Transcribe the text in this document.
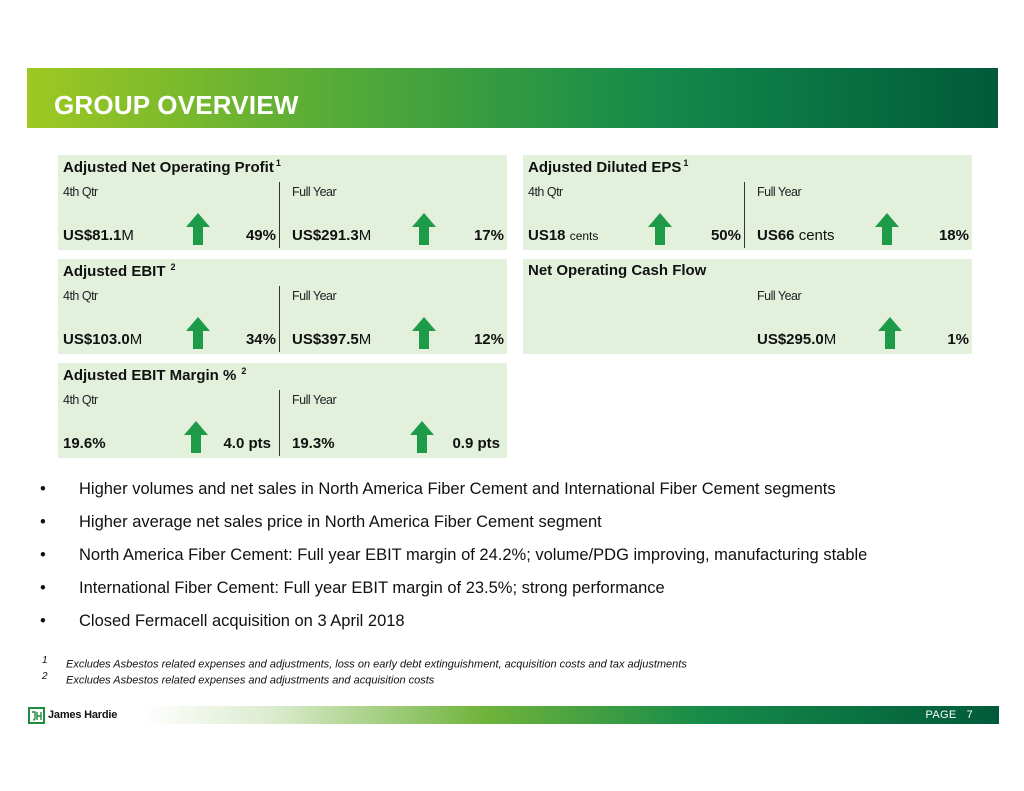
GROUP OVERVIEW
Adjusted Net Operating Profit $^1$
4th Qtr	Full Year
US$81.1M	49% US$291.3M	17%
Adjusted Diluted EPS $^1$
4th Qtr	Full Year
US18 cents	50% US66 cents	18%
Adjusted EBIT $^2$
4th Qtr	Full Year
US$103.0M	34% US$397.5M	12%
Net Operating Cash Flow
Full Year
US$295.0M	1%
Adjusted EBIT Margin % $^2$
4th Qtr	Full Year
19.6%	4.0 pts 19.3%	0.9 pts
• Higher volumes and net sales in North America Fiber Cement and International Fiber Cement segments
• Higher average net sales price in North America Fiber Cement segment
• North America Fiber Cement: Full year EBIT margin of 24.2%; volume/PDG improving, manufacturing stable
• International Fiber Cement: Full year EBIT margin of 23.5%; strong performance
• Closed Fermacell acquisition on 3 April 2018
1 Excludes Asbestos related expenses and adjustments, loss on early debt extinguishment, acquisition costs and tax adjustments
2 Excludes Asbestos related expenses and adjustments and acquisition costs
James Hardie	PAGE 7
